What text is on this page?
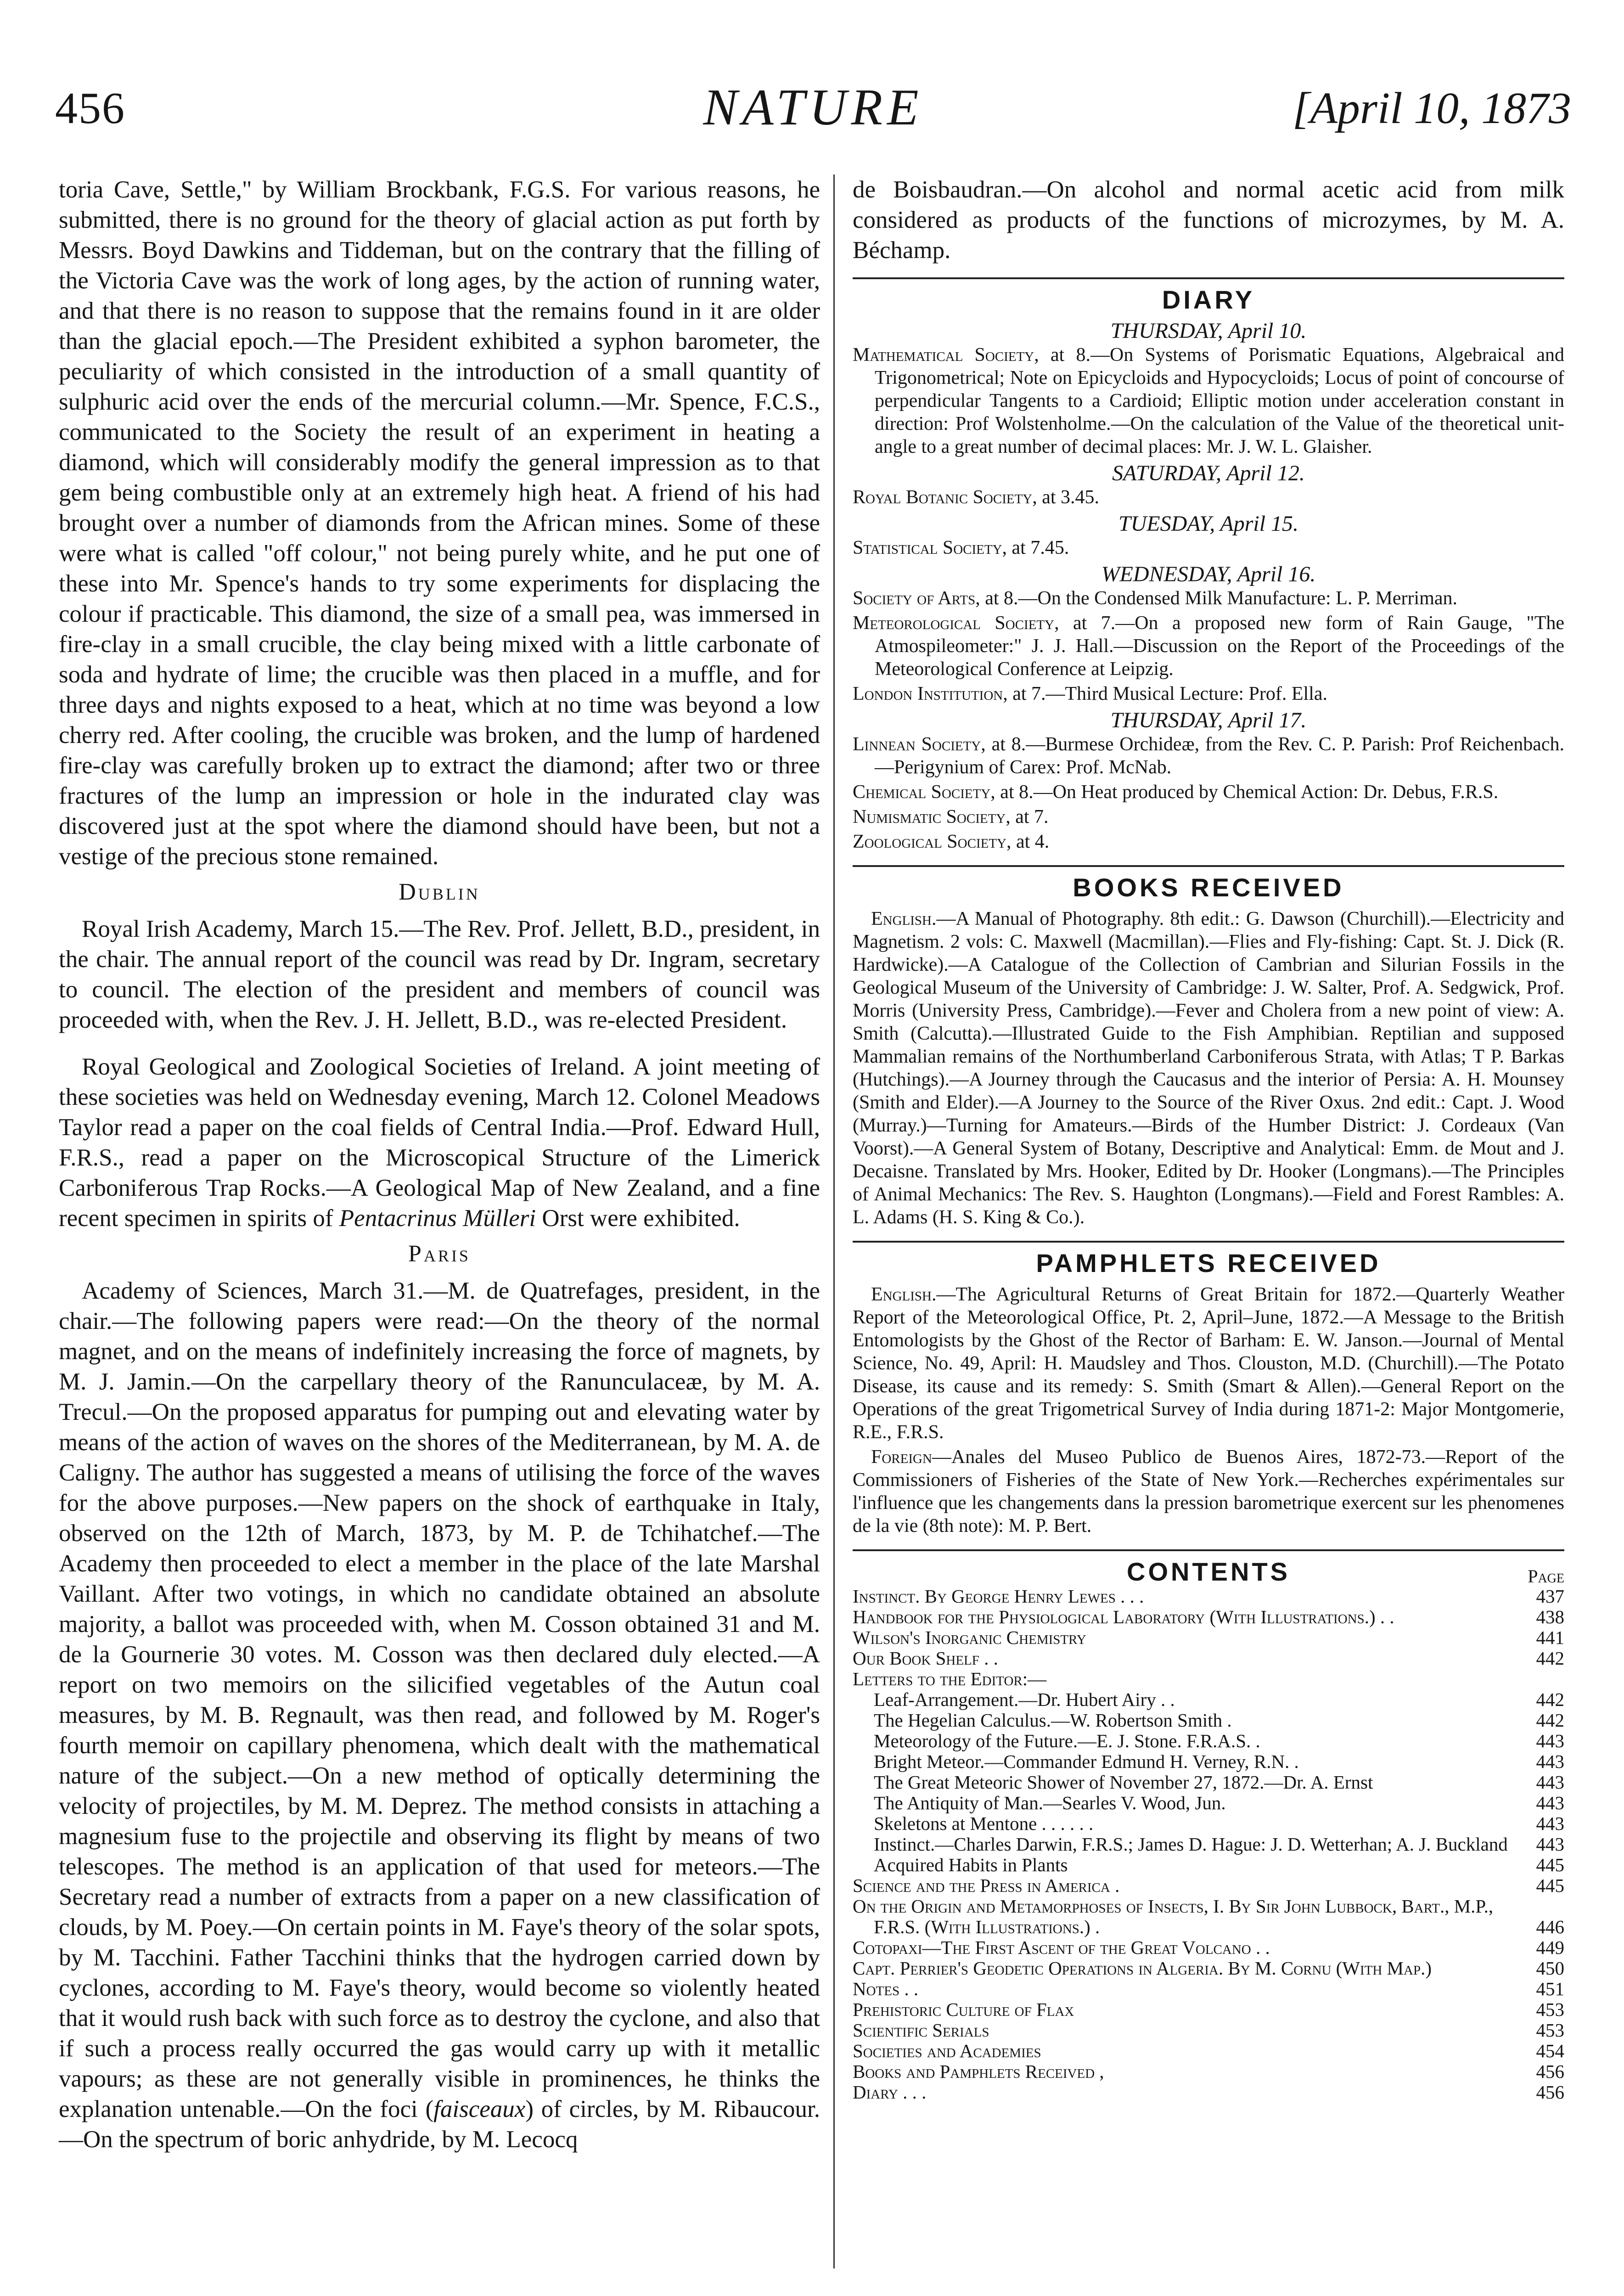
456	NATURE	[April 10, 1873

toria Cave, Settle," by William Brockbank, F.G.S. For various reasons, he submitted, there is no ground for the theory of glacial action as put forth by Messrs. Boyd Dawkins and Tiddeman, but on the contrary that the filling of the Victoria Cave was the work of long ages, by the action of running water, and that there is no reason to suppose that the remains found in it are older than the glacial epoch.—The President exhibited a syphon barometer, the peculiarity of which consisted in the introduction of a small quantity of sulphuric acid over the ends of the mercurial column.—Mr. Spence, F.C.S., communicated to the Society the result of an experiment in heating a diamond, which will considerably modify the general impression as to that gem being combustible only at an extremely high heat. A friend of his had brought over a number of diamonds from the African mines. Some of these were what is called "off colour," not being purely white, and he put one of these into Mr. Spence's hands to try some experiments for displacing the colour if practicable. This diamond, the size of a small pea, was immersed in fire-clay in a small crucible, the clay being mixed with a little carbonate of soda and hydrate of lime; the crucible was then placed in a muffle, and for three days and nights exposed to a heat, which at no time was beyond a low cherry red. After cooling, the crucible was broken, and the lump of hardened fire-clay was carefully broken up to extract the diamond; after two or three fractures of the lump an impression or hole in the indurated clay was discovered just at the spot where the diamond should have been, but not a vestige of the precious stone remained.

Dublin

Royal Irish Academy, March 15.—The Rev. Prof. Jellett, B.D., president, in the chair. The annual report of the council was read by Dr. Ingram, secretary to council. The election of the president and members of council was proceeded with, when the Rev. J. H. Jellett, B.D., was re-elected President.

Royal Geological and Zoological Societies of Ireland. A joint meeting of these societies was held on Wednesday evening, March 12. Colonel Meadows Taylor read a paper on the coal fields of Central India.—Prof. Edward Hull, F.R.S., read a paper on the Microscopical Structure of the Limerick Carboniferous Trap Rocks.—A Geological Map of New Zealand, and a fine recent specimen in spirits of Pentacrinus Mülleri Orst were exhibited.

Paris

Academy of Sciences, March 31.—M. de Quatrefages, president, in the chair.—The following papers were read:—On the theory of the normal magnet, and on the means of indefinitely increasing the force of magnets, by M. J. Jamin.—On the carpellary theory of the Ranunculaceæ, by M. A. Trecul.—On the proposed apparatus for pumping out and elevating water by means of the action of waves on the shores of the Mediterranean, by M. A. de Caligny. The author has suggested a means of utilising the force of the waves for the above purposes.—New papers on the shock of earthquake in Italy, observed on the 12th of March, 1873, by M. P. de Tchihatchef.—The Academy then proceeded to elect a member in the place of the late Marshal Vaillant. After two votings, in which no candidate obtained an absolute majority, a ballot was proceeded with, when M. Cosson obtained 31 and M. de la Gournerie 30 votes. M. Cosson was then declared duly elected.—A report on two memoirs on the silicified vegetables of the Autun coal measures, by M. B. Regnault, was then read, and followed by M. Roger's fourth memoir on capillary phenomena, which dealt with the mathematical nature of the subject.—On a new method of optically determining the velocity of projectiles, by M. M. Deprez. The method consists in attaching a magnesium fuse to the projectile and observing its flight by means of two telescopes. The method is an application of that used for meteors.—The Secretary read a number of extracts from a paper on a new classification of clouds, by M. Poey.—On certain points in M. Faye's theory of the solar spots, by M. Tacchini. Father Tacchini thinks that the hydrogen carried down by cyclones, according to M. Faye's theory, would become so violently heated that it would rush back with such force as to destroy the cyclone, and also that if such a process really occurred the gas would carry up with it metallic vapours; as these are not generally visible in prominences, he thinks the explanation untenable.—On the foci (faisceaux) of circles, by M. Ribaucour.—On the spectrum of boric anhydride, by M. Lecocq

de Boisbaudran.—On alcohol and normal acetic acid from milk considered as products of the functions of microzymes, by M. A. Béchamp.

DIARY
THURSDAY, April 10.

Mathematical Society, at 8.—On Systems of Porismatic Equations, Algebraical and Trigonometrical; Note on Epicycloids and Hypocycloids; Locus of point of concourse of perpendicular Tangents to a Cardioid; Elliptic motion under acceleration constant in direction: Prof Wolstenholme.—On the calculation of the Value of the theoretical unit-angle to a great number of decimal places: Mr. J. W. L. Glaisher.

SATURDAY, April 12.

Royal Botanic Society, at 3.45.

TUESDAY, April 15.

Statistical Society, at 7.45.

WEDNESDAY, April 16.

Society of Arts, at 8.—On the Condensed Milk Manufacture: L. P. Merriman.

Meteorological Society, at 7.—On a proposed new form of Rain Gauge, "The Atmospileometer:" J. J. Hall.—Discussion on the Report of the Proceedings of the Meteorological Conference at Leipzig.

London Institution, at 7.—Third Musical Lecture: Prof. Ella.

THURSDAY, April 17.

Linnean Society, at 8.—Burmese Orchideæ, from the Rev. C. P. Parish: Prof Reichenbach.—Perigynium of Carex: Prof. McNab.

Chemical Society, at 8.—On Heat produced by Chemical Action: Dr. Debus, F.R.S.

Numismatic Society, at 7.

Zoological Society, at 4.

BOOKS RECEIVED

English.—A Manual of Photography. 8th edit.: G. Dawson (Churchill).—Electricity and Magnetism. 2 vols: C. Maxwell (Macmillan).—Flies and Fly-fishing: Capt. St. J. Dick (R. Hardwicke).—A Catalogue of the Collection of Cambrian and Silurian Fossils in the Geological Museum of the University of Cambridge: J. W. Salter, Prof. A. Sedgwick, Prof. Morris (University Press, Cambridge).—Fever and Cholera from a new point of view: A. Smith (Calcutta).—Illustrated Guide to the Fish Amphibian. Reptilian and supposed Mammalian remains of the Northumberland Carboniferous Strata, with Atlas; T P. Barkas (Hutchings).—A Journey through the Caucasus and the interior of Persia: A. H. Mounsey (Smith and Elder).—A Journey to the Source of the River Oxus. 2nd edit.: Capt. J. Wood (Murray.)—Turning for Amateurs.—Birds of the Humber District: J. Cordeaux (Van Voorst).—A General System of Botany, Descriptive and Analytical: Emm. de Mout and J. Decaisne. Translated by Mrs. Hooker, Edited by Dr. Hooker (Longmans).—The Principles of Animal Mechanics: The Rev. S. Haughton (Longmans).—Field and Forest Rambles: A. L. Adams (H. S. King & Co.).

PAMPHLETS RECEIVED

English.—The Agricultural Returns of Great Britain for 1872.—Quarterly Weather Report of the Meteorological Office, Pt. 2, April–June, 1872.—A Message to the British Entomologists by the Ghost of the Rector of Barham: E. W. Janson.—Journal of Mental Science, No. 49, April: H. Maudsley and Thos. Clouston, M.D. (Churchill).—The Potato Disease, its cause and its remedy: S. Smith (Smart & Allen).—General Report on the Operations of the great Trigometrical Survey of India during 1871-2: Major Montgomerie, R.E., F.R.S.

Foreign—Anales del Museo Publico de Buenos Aires, 1872-73.—Report of the Commissioners of Fisheries of the State of New York.—Recherches expérimentales sur l'influence que les changements dans la pression barometrique exercent sur les phenomenes de la vie (8th note): M. P. Bert.

CONTENTS	Page
Instinct. By George Henry Lewes . . .	437
Handbook for the Physiological Laboratory (With Illustrations.) . .	438
Wilson's Inorganic Chemistry	441
Our Book Shelf . .	442
Letters to the Editor:—
Leaf-Arrangement.—Dr. Hubert Airy . .	442
The Hegelian Calculus.—W. Robertson Smith .	442
Meteorology of the Future.—E. J. Stone. F.R.A.S. .	443
Bright Meteor.—Commander Edmund H. Verney, R.N. .	443
The Great Meteoric Shower of November 27, 1872.—Dr. A. Ernst	443
The Antiquity of Man.—Searles V. Wood, Jun.	443
Skeletons at Mentone . . . . . .	443
Instinct.—Charles Darwin, F.R.S.; James D. Hague: J. D. Wetterhan; A. J. Buckland 443
Acquired Habits in Plants	445
Science and the Press in America .	445
On the Origin and Metamorphoses of Insects, I. By Sir John Lubbock, Bart., M.P., F.R.S. (With Illustrations.) .	446
Cotopaxi—The First Ascent of the Great Volcano . .	449
Capt. Perrier's Geodetic Operations in Algeria. By M. Cornu (With Map.)	450
Notes . .	451
Prehistoric Culture of Flax	453
Scientific Serials	453
Societies and Academies	454
Books and Pamphlets Received ,	456
Diary . . .	456
